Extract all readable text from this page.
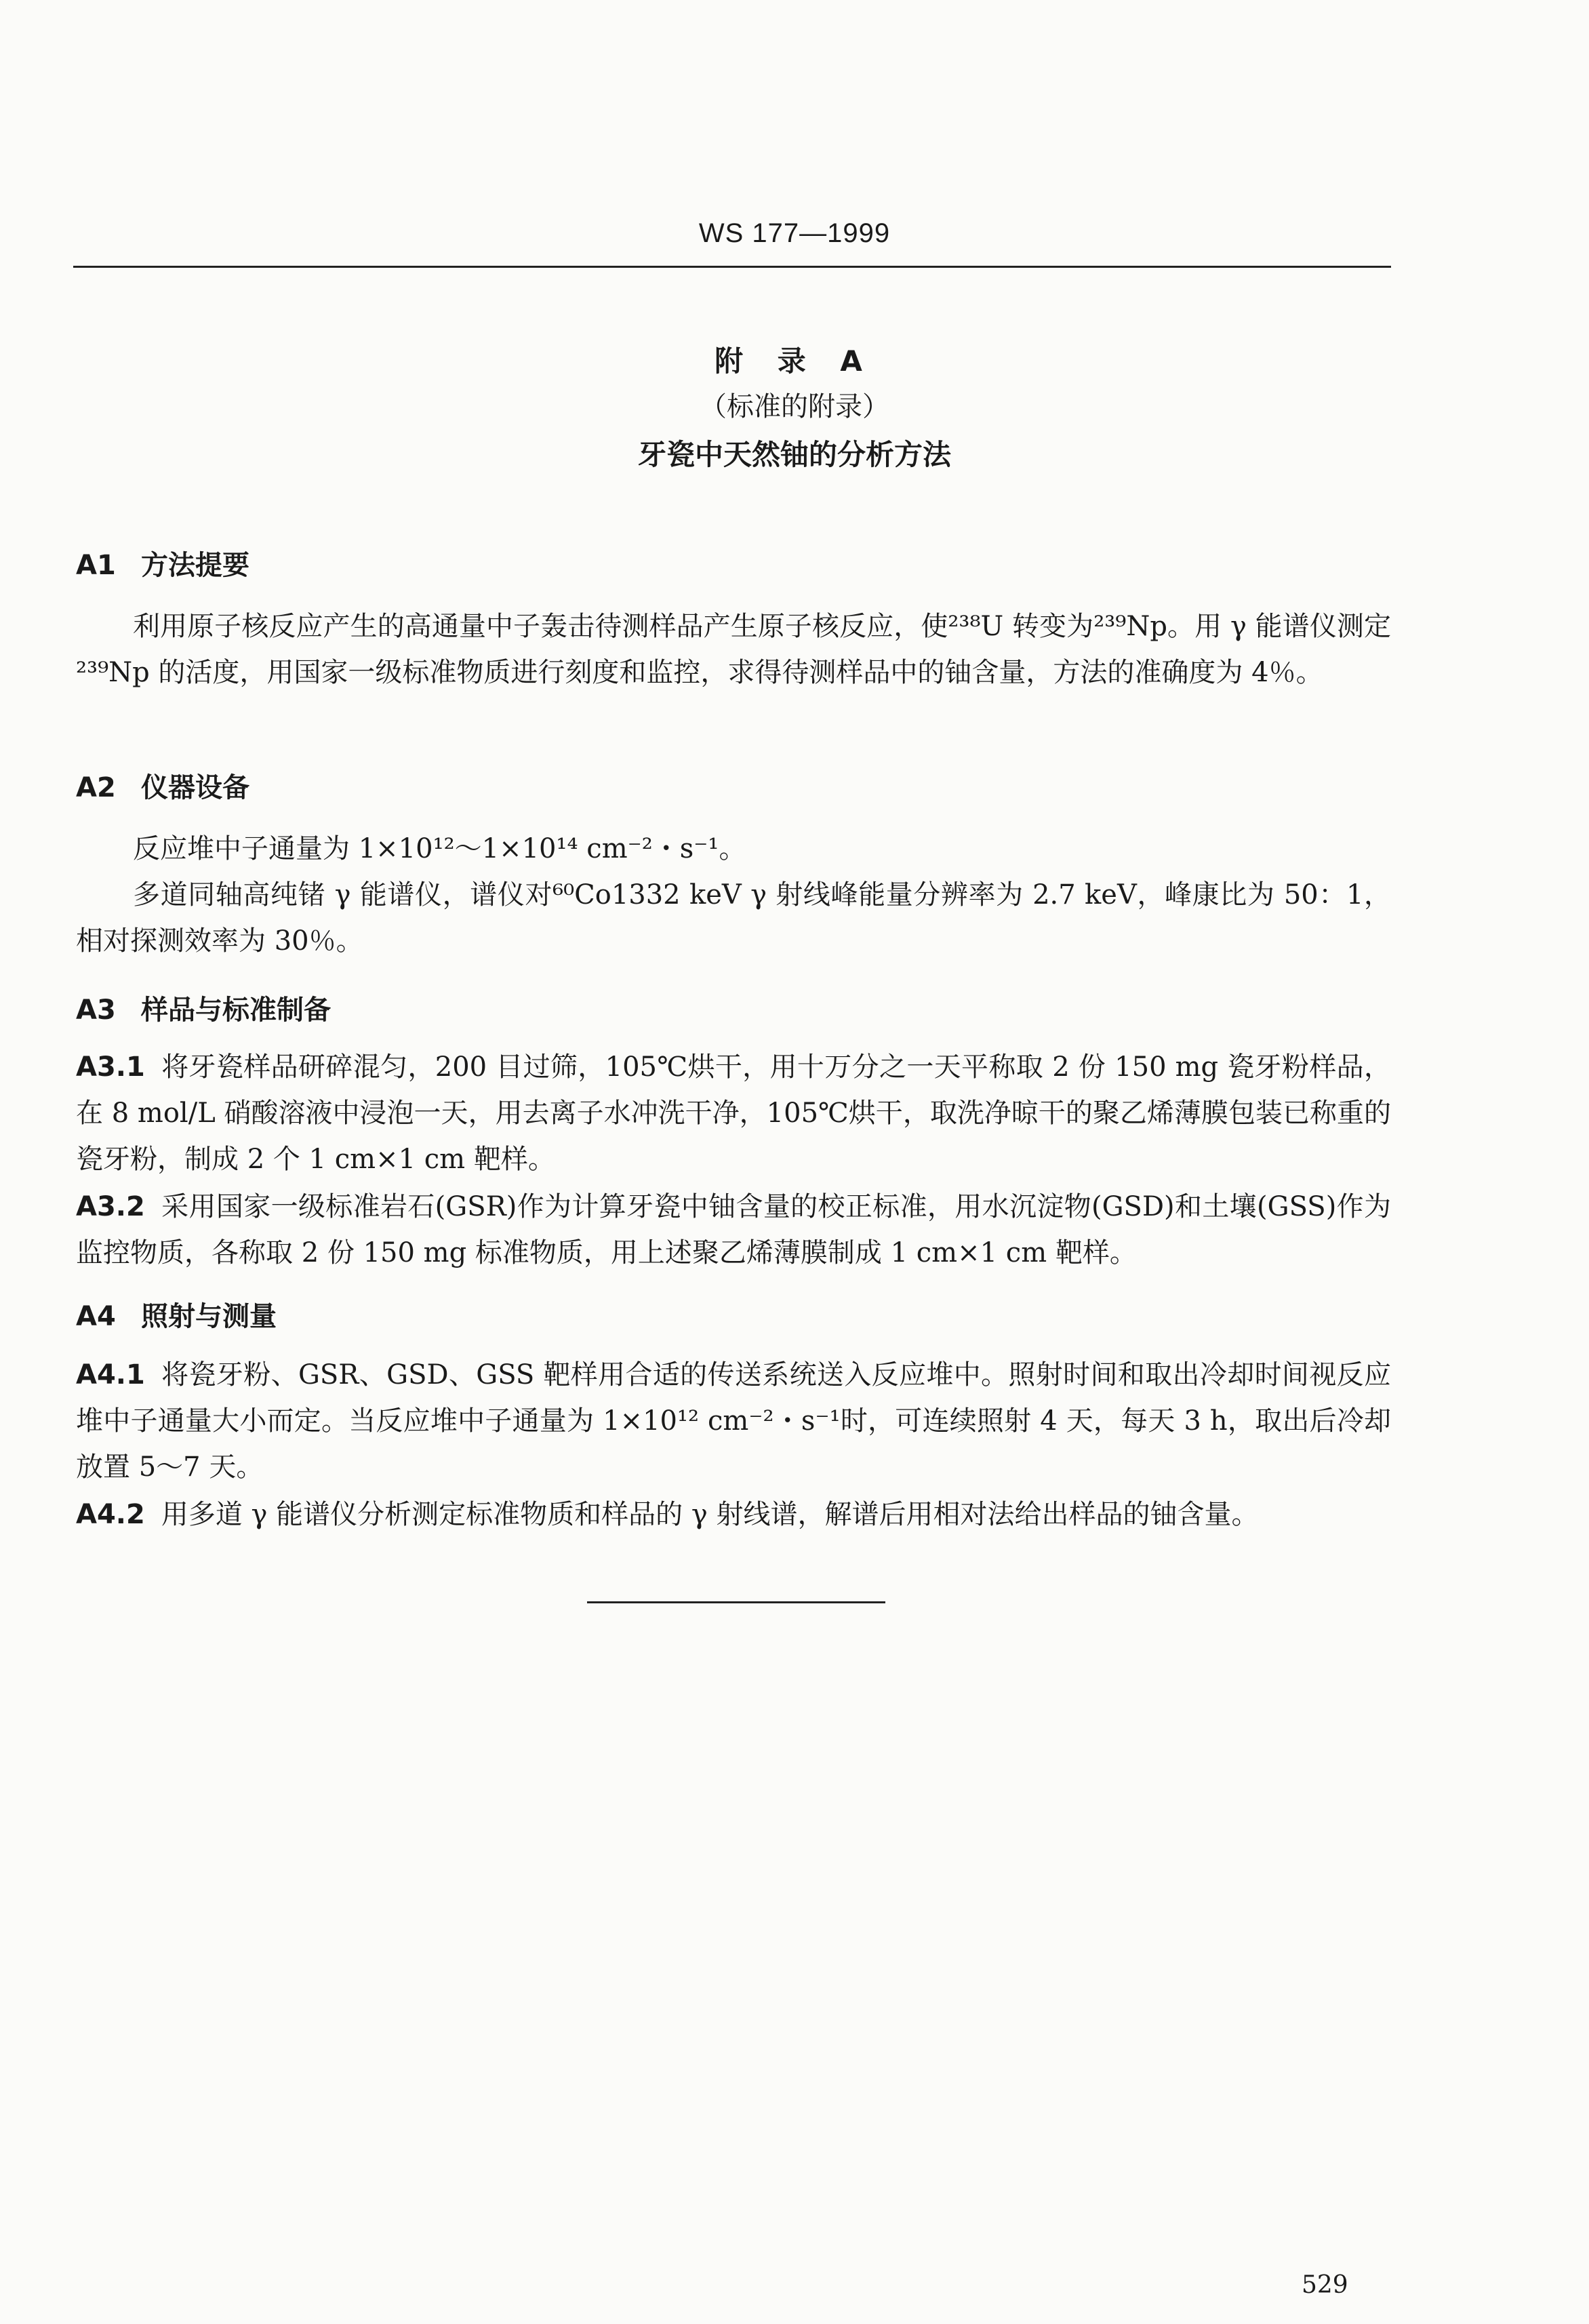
WS 177—1999
附 录 A
（标准的附录）
牙瓷中天然铀的分析方法
A1 方法提要
利用原子核反应产生的高通量中子轰击待测样品产生原子核反应，使²³⁸U 转变为²³⁹Np。用 γ 能谱仪测定²³⁹Np 的活度，用国家一级标准物质进行刻度和监控，求得待测样品中的铀含量，方法的准确度为 4％。
A2 仪器设备
反应堆中子通量为 1×10¹²～1×10¹⁴ cm⁻²・s⁻¹。
多道同轴高纯锗 γ 能谱仪，谱仪对⁶⁰Co1332 keV γ 射线峰能量分辨率为 2.7 keV，峰康比为 50：1，相对探测效率为 30％。
A3 样品与标准制备
A3.1 将牙瓷样品研碎混匀，200 目过筛，105℃烘干，用十万分之一天平称取 2 份 150 mg 瓷牙粉样品，在 8 mol/L 硝酸溶液中浸泡一天，用去离子水冲洗干净，105℃烘干，取洗净晾干的聚乙烯薄膜包装已称重的瓷牙粉，制成 2 个 1 cm×1 cm 靶样。
A3.2 采用国家一级标准岩石(GSR)作为计算牙瓷中铀含量的校正标准，用水沉淀物(GSD)和土壤(GSS)作为监控物质，各称取 2 份 150 mg 标准物质，用上述聚乙烯薄膜制成 1 cm×1 cm 靶样。
A4 照射与测量
A4.1 将瓷牙粉、GSR、GSD、GSS 靶样用合适的传送系统送入反应堆中。照射时间和取出冷却时间视反应堆中子通量大小而定。当反应堆中子通量为 1×10¹² cm⁻²・s⁻¹时，可连续照射 4 天，每天 3 h，取出后冷却放置 5～7 天。
A4.2 用多道 γ 能谱仪分析测定标准物质和样品的 γ 射线谱，解谱后用相对法给出样品的铀含量。
529
